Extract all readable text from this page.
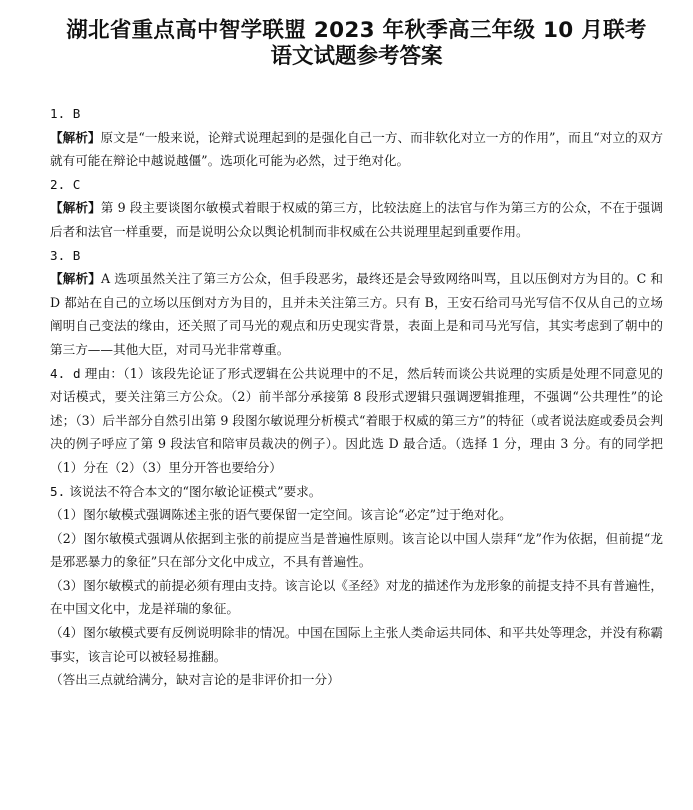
湖北省重点高中智学联盟 2023 年秋季高三年级 10 月联考
语文试题参考答案
1. B
【解析】原文是“一般来说，论辩式说理起到的是强化自己一方、而非软化对立一方的作用”，而且“对立的双方就有可能在辩论中越说越僵”。选项化可能为必然，过于绝对化。
2. C
【解析】第 9 段主要谈图尔敏模式着眼于权威的第三方，比较法庭上的法官与作为第三方的公众，不在于强调后者和法官一样重要，而是说明公众以舆论机制而非权威在公共说理里起到重要作用。
3. B
【解析】A 选项虽然关注了第三方公众，但手段恶劣，最终还是会导致网络叫骂，且以压倒对方为目的。C 和 D 都站在自己的立场以压倒对方为目的，且并未关注第三方。只有 B，王安石给司马光写信不仅从自己的立场阐明自己变法的缘由，还关照了司马光的观点和历史现实背景，表面上是和司马光写信，其实考虑到了朝中的第三方——其他大臣，对司马光非常尊重。
4. d 理由：（1）该段先论证了形式逻辑在公共说理中的不足，然后转而谈公共说理的实质是处理不同意见的对话模式，要关注第三方公众。（2）前半部分承接第 8 段形式逻辑只强调逻辑推理，不强调“公共理性”的论述；（3）后半部分自然引出第 9 段图尔敏说理分析模式“着眼于权威的第三方”的特征（或者说法庭或委员会判决的例子呼应了第 9 段法官和陪审员裁决的例子）。因此选 D 最合适。（选择 1 分，理由 3 分。有的同学把（1）分在（2）（3）里分开答也要给分）
5. 该说法不符合本文的“图尔敏论证模式”要求。
（1）图尔敏模式强调陈述主张的语气要保留一定空间。该言论“必定”过于绝对化。
（2）图尔敏模式强调从依据到主张的前提应当是普遍性原则。该言论以中国人崇拜“龙”作为依据，但前提“龙是邪恶暴力的象征”只在部分文化中成立，不具有普遍性。
（3）图尔敏模式的前提必须有理由支持。该言论以《圣经》对龙的描述作为龙形象的前提支持不具有普遍性，在中国文化中，龙是祥瑞的象征。
（4）图尔敏模式要有反例说明除非的情况。中国在国际上主张人类命运共同体、和平共处等理念，并没有称霸事实，该言论可以被轻易推翻。
（答出三点就给满分，缺对言论的是非评价扣一分）
